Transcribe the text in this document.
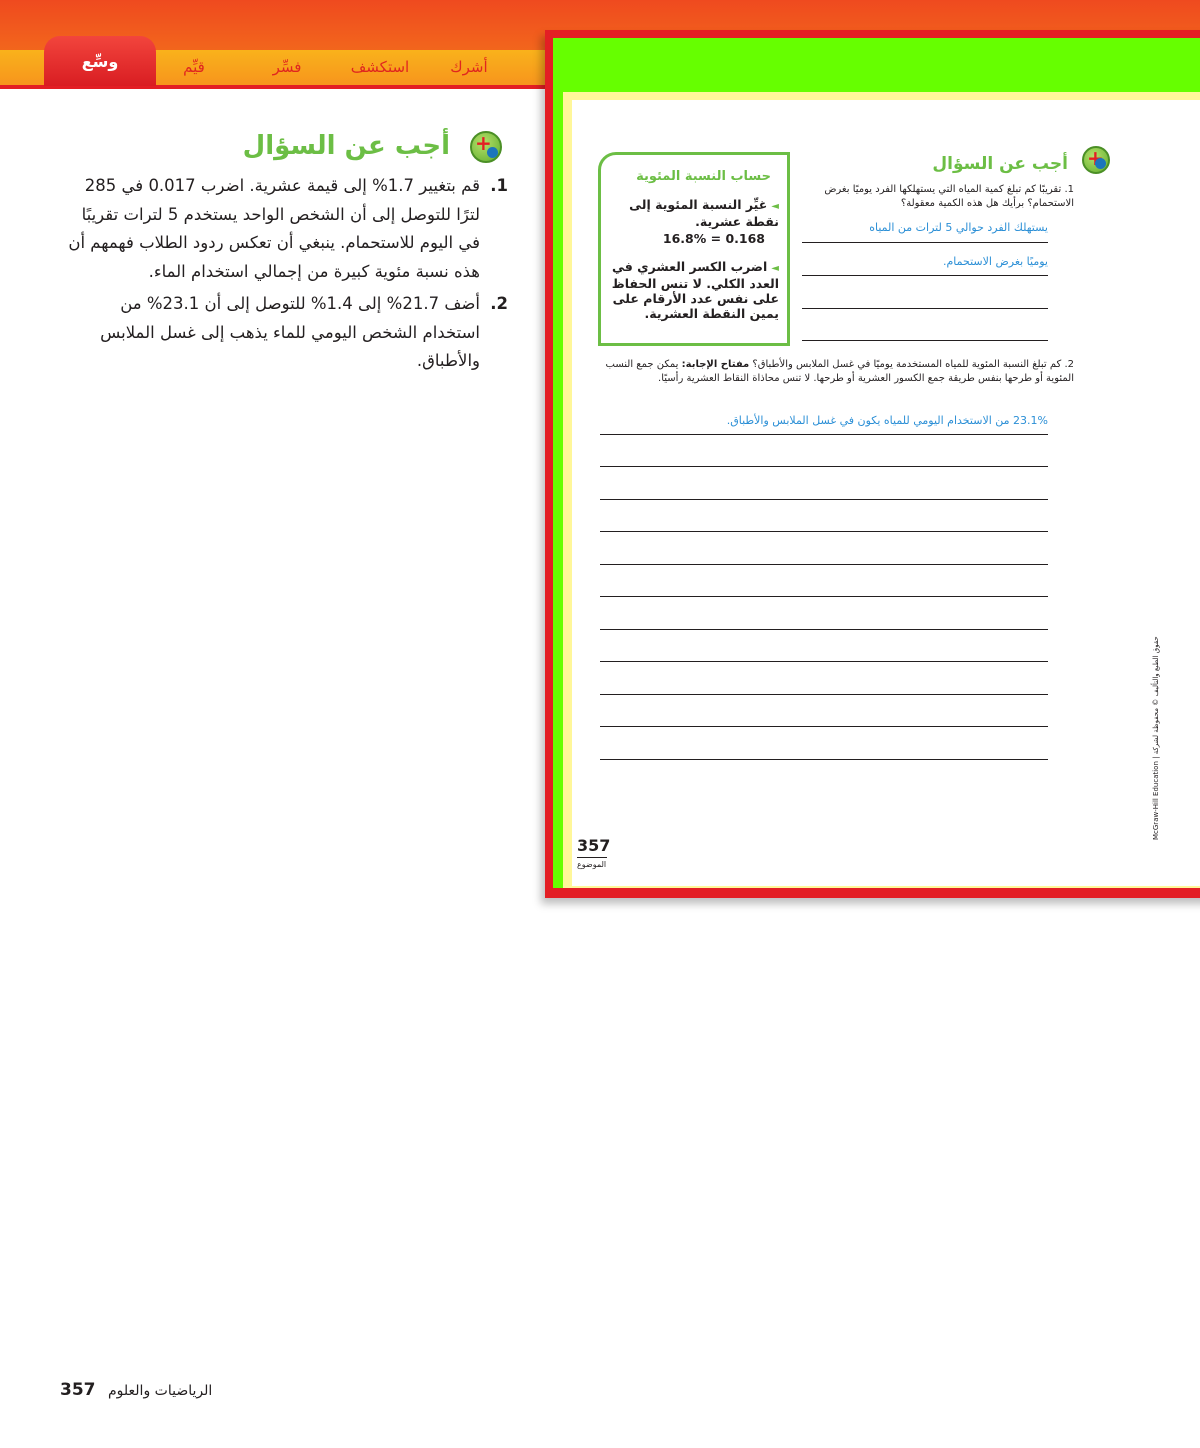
وسِّع	قيِّم	فسِّر	استكشف	أشرك
+
أجب عن السؤال
1.
قم بتغيير 1.7% إلى قيمة عشرية. اضرب 0.017 في 285 لترًا للتوصل إلى أن الشخص الواحد يستخدم 5 لترات تقريبًا في اليوم للاستحمام. ينبغي أن تعكس ردود الطلاب فهمهم أن هذه نسبة مئوية كبيرة من إجمالي استخدام الماء.
2.
أضف 21.7% إلى 1.4% للتوصل إلى أن 23.1% من استخدام الشخص اليومي للماء يذهب إلى غسل الملابس والأطباق.
+
أجب عن السؤال
1. تقريبًا كم تبلغ كمية المياه التي يستهلكها الفرد يوميًا بغرض الاستحمام؟ برأيك هل هذه الكمية معقولة؟
يستهلك الفرد حوالي 5 لترات من المياه
يوميًا بغرض الاستحمام.
حساب النسبة المئوية
◄غيِّر النسبة المئوية إلى نقطة عشرية.
16.8% = 0.168
◄اضرب الكسر العشري في العدد الكلي. لا تنس الحفاظ على نفس عدد الأرقام على يمين النقطة العشرية.
2. كم تبلغ النسبة المئوية للمياه المستخدمة يوميًا في غسل الملابس والأطباق؟ مفتاح الإجابة: يمكن جمع النسب المئوية أو طرحها بنفس طريقة جمع الكسور العشرية أو طرحها. لا تنس محاذاة النقاط العشرية رأسيًا.
23.1% من الاستخدام اليومي للمياه يكون في غسل الملابس والأطباق.
357
الموضوع
McGraw-Hill Education | حقوق الطبع والتأليف © محفوظة لشركة
357 الرياضيات والعلوم
